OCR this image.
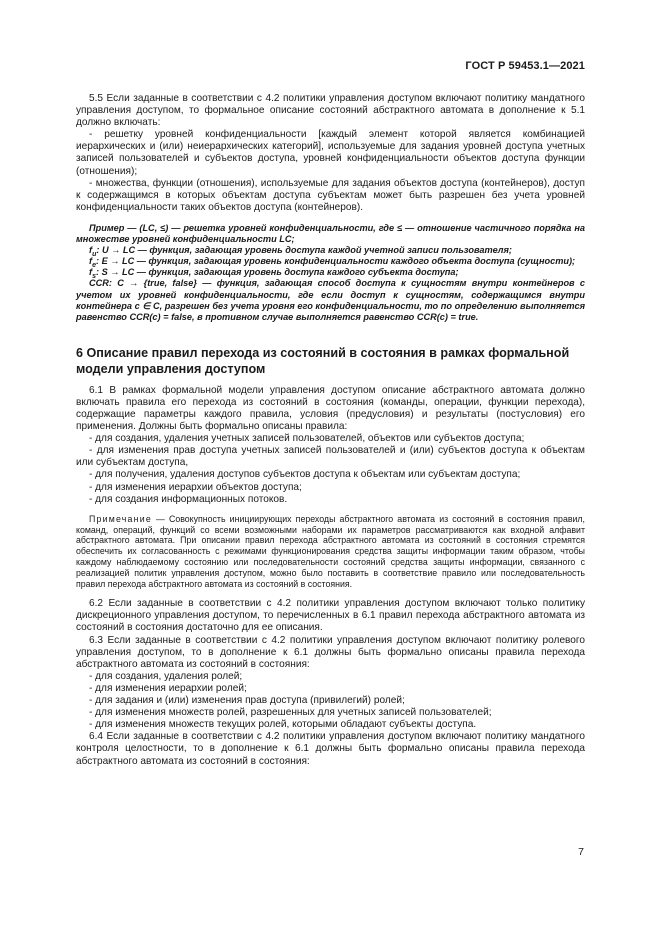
ГОСТ Р 59453.1—2021

5.5 Если заданные в соответствии с 4.2 политики управления доступом включают политику мандатного управления доступом, то формальное описание состояний абстрактного автомата в дополнение к 5.1 должно включать:

- решетку уровней конфиденциальности [каждый элемент которой является комбинацией иерархических и (или) неиерархических категорий], используемые для задания уровней доступа учетных записей пользователей и субъектов доступа, уровней конфиденциальности объектов доступа функции (отношения);

- множества, функции (отношения), используемые для задания объектов доступа (контейнеров), доступ к содержащимся в которых объектам доступа субъектам может быть разрешен без учета уровней конфиденциальности таких объектов доступа (контейнеров).

Пример — (LC, ≤) — решетка уровней конфиденциальности, где ≤ — отношение частичного порядка на множестве уровней конфиденциальности LC;

$f_u$: U → LC — функция, задающая уровень доступа каждой учетной записи пользователя;

$f_e$: E → LC — функция, задающая уровень конфиденциальности каждого объекта доступа (сущности);

$f_s$: S → LC — функция, задающая уровень доступа каждого субъекта доступа;

CCR: C → {true, false} — функция, задающая способ доступа к сущностям внутри контейнеров с учетом их уровней конфиденциальности, где если доступ к сущностям, содержащимся внутри контейнера c ∈ C, разрешен без учета уровня его конфиденциальности, то по определению выполняется равенство CCR(c) = false, в противном случае выполняется равенство CCR(c) = true.

6 Описание правил перехода из состояний в состояния в рамках формальной модели управления доступом

6.1 В рамках формальной модели управления доступом описание абстрактного автомата должно включать правила его перехода из состояний в состояния (команды, операции, функции перехода), содержащие параметры каждого правила, условия (предусловия) и результаты (постусловия) его применения. Должны быть формально описаны правила:

- для создания, удаления учетных записей пользователей, объектов или субъектов доступа;

- для изменения прав доступа учетных записей пользователей и (или) субъектов доступа к объектам или субъектам доступа,

- для получения, удаления доступов субъектов доступа к объектам или субъектам доступа;

- для изменения иерархии объектов доступа;

- для создания информационных потоков.

Примечание — Совокупность инициирующих переходы абстрактного автомата из состояний в состояния правил, команд, операций, функций со всеми возможными наборами их параметров рассматриваются как входной алфавит абстрактного автомата. При описании правил перехода абстрактного автомата из состояний в состояния стремятся обеспечить их согласованность с режимами функционирования средства защиты информации таким образом, чтобы каждому наблюдаемому состоянию или последовательности состояний средства защиты информации, связанного с реализацией политик управления доступом, можно было поставить в соответствие правило или последовательность правил перехода абстрактного автомата из состояний в состояния.

6.2 Если заданные в соответствии с 4.2 политики управления доступом включают только политику дискреционного управления доступом, то перечисленных в 6.1 правил перехода абстрактного автомата из состояний в состояния достаточно для ее описания.

6.3 Если заданные в соответствии с 4.2 политики управления доступом включают политику ролевого управления доступом, то в дополнение к 6.1 должны быть формально описаны правила перехода абстрактного автомата из состояний в состояния:

- для создания, удаления ролей;

- для изменения иерархии ролей;

- для задания и (или) изменения прав доступа (привилегий) ролей;

- для изменения множеств ролей, разрешенных для учетных записей пользователей;

- для изменения множеств текущих ролей, которыми обладают субъекты доступа.

6.4 Если заданные в соответствии с 4.2 политики управления доступом включают политику мандатного контроля целостности, то в дополнение к 6.1 должны быть формально описаны правила перехода абстрактного автомата из состояний в состояния:

7
